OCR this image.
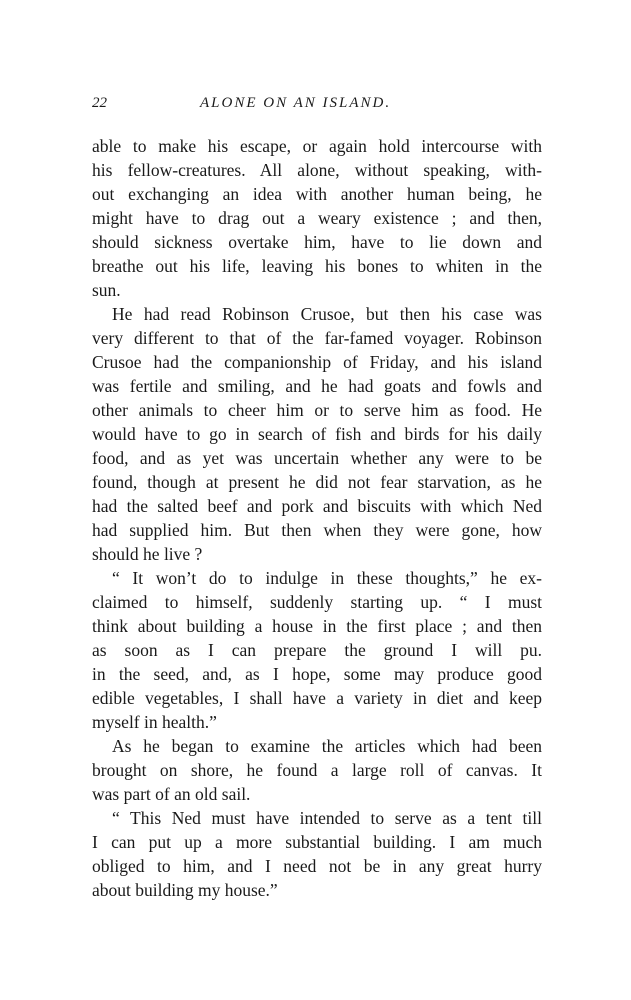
22	ALONE ON AN ISLAND.
able to make his escape, or again hold intercourse with
his fellow-creatures. All alone, without speaking, with-
out exchanging an idea with another human being, he
might have to drag out a weary existence ; and then,
should sickness overtake him, have to lie down and
breathe out his life, leaving his bones to whiten in the
sun.
He had read Robinson Crusoe, but then his case was
very different to that of the far-famed voyager. Robinson
Crusoe had the companionship of Friday, and his island
was fertile and smiling, and he had goats and fowls and
other animals to cheer him or to serve him as food. He
would have to go in search of fish and birds for his daily
food, and as yet was uncertain whether any were to be
found, though at present he did not fear starvation, as he
had the salted beef and pork and biscuits with which Ned
had supplied him. But then when they were gone, how
should he live ?
“ It won’t do to indulge in these thoughts,” he ex-
claimed to himself, suddenly starting up. “ I must
think about building a house in the first place ; and then
as soon as I can prepare the ground I will pu.
in the seed, and, as I hope, some may produce good
edible vegetables, I shall have a variety in diet and keep
myself in health.”
As he began to examine the articles which had been
brought on shore, he found a large roll of canvas. It
was part of an old sail.
“ This Ned must have intended to serve as a tent till
I can put up a more substantial building. I am much
obliged to him, and I need not be in any great hurry
about building my house.”
